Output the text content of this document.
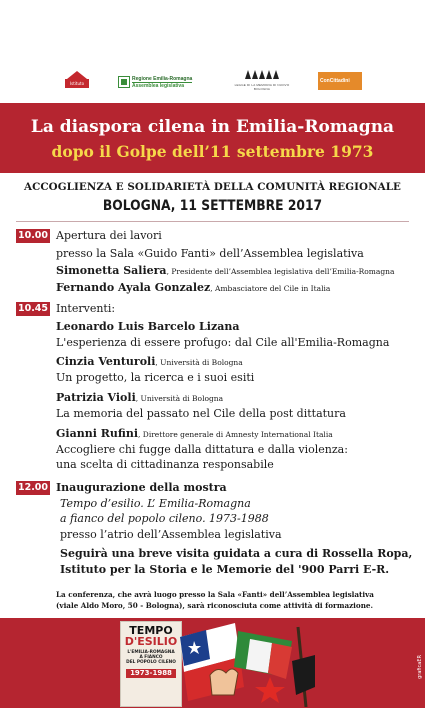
Istituto
Regione Emilia-Romagna
Assemblea legislativa	LEGGE DI LA MEMORIA DI NUOVO BOLOGNA
ConCittadini
La diaspora cilena in Emilia-Romagna
dopo il Golpe dell’11 settembre 1973
ACCOGLIENZA E SOLIDARIETÀ DELLA COMUNITÀ REGIONALE
BOLOGNA, 11 SETTEMBRE 2017
10.00 Apertura dei lavori
presso la Sala «Guido Fanti» dell’Assemblea legislativa
Simonetta Saliera, Presidente dell’Assemblea legislativa dell’Emilia-Romagna
Fernando Ayala Gonzalez, Ambasciatore del Cile in Italia
10.45 Interventi:
Leonardo Luis Barcelo Lizana
L'esperienza di essere profugo: dal Cile all'Emilia-Romagna
Cinzia Venturoli, Università di Bologna
Un progetto, la ricerca e i suoi esiti
Patrizia Violi, Università di Bologna
La memoria del passato nel Cile della post dittatura
Gianni Rufini, Direttore generale di Amnesty International Italia
Accogliere chi fugge dalla dittatura e dalla violenza:
una scelta di cittadinanza responsabile
12.00 Inaugurazione della mostra
Tempo d’esilio. L’ Emilia-Romagna
a fianco del popolo cileno. 1973-1988
presso l’atrio dell’Assemblea legislativa
Seguirà una breve visita guidata a cura di Rossella Ropa,
Istituto per la Storia e le Memorie del '900 Parri E-R.
La conferenza, che avrà luogo presso la Sala «Fanti» dell’Assemblea legislativa
(viale Aldo Moro, 50 - Bologna), sarà riconosciuta come attività di formazione.
TEMPO
D'ESILIO
L'EMILIA-ROMAGNA
A FIANCO
DEL POPOLO CILENO
1973-1988	graficaER
